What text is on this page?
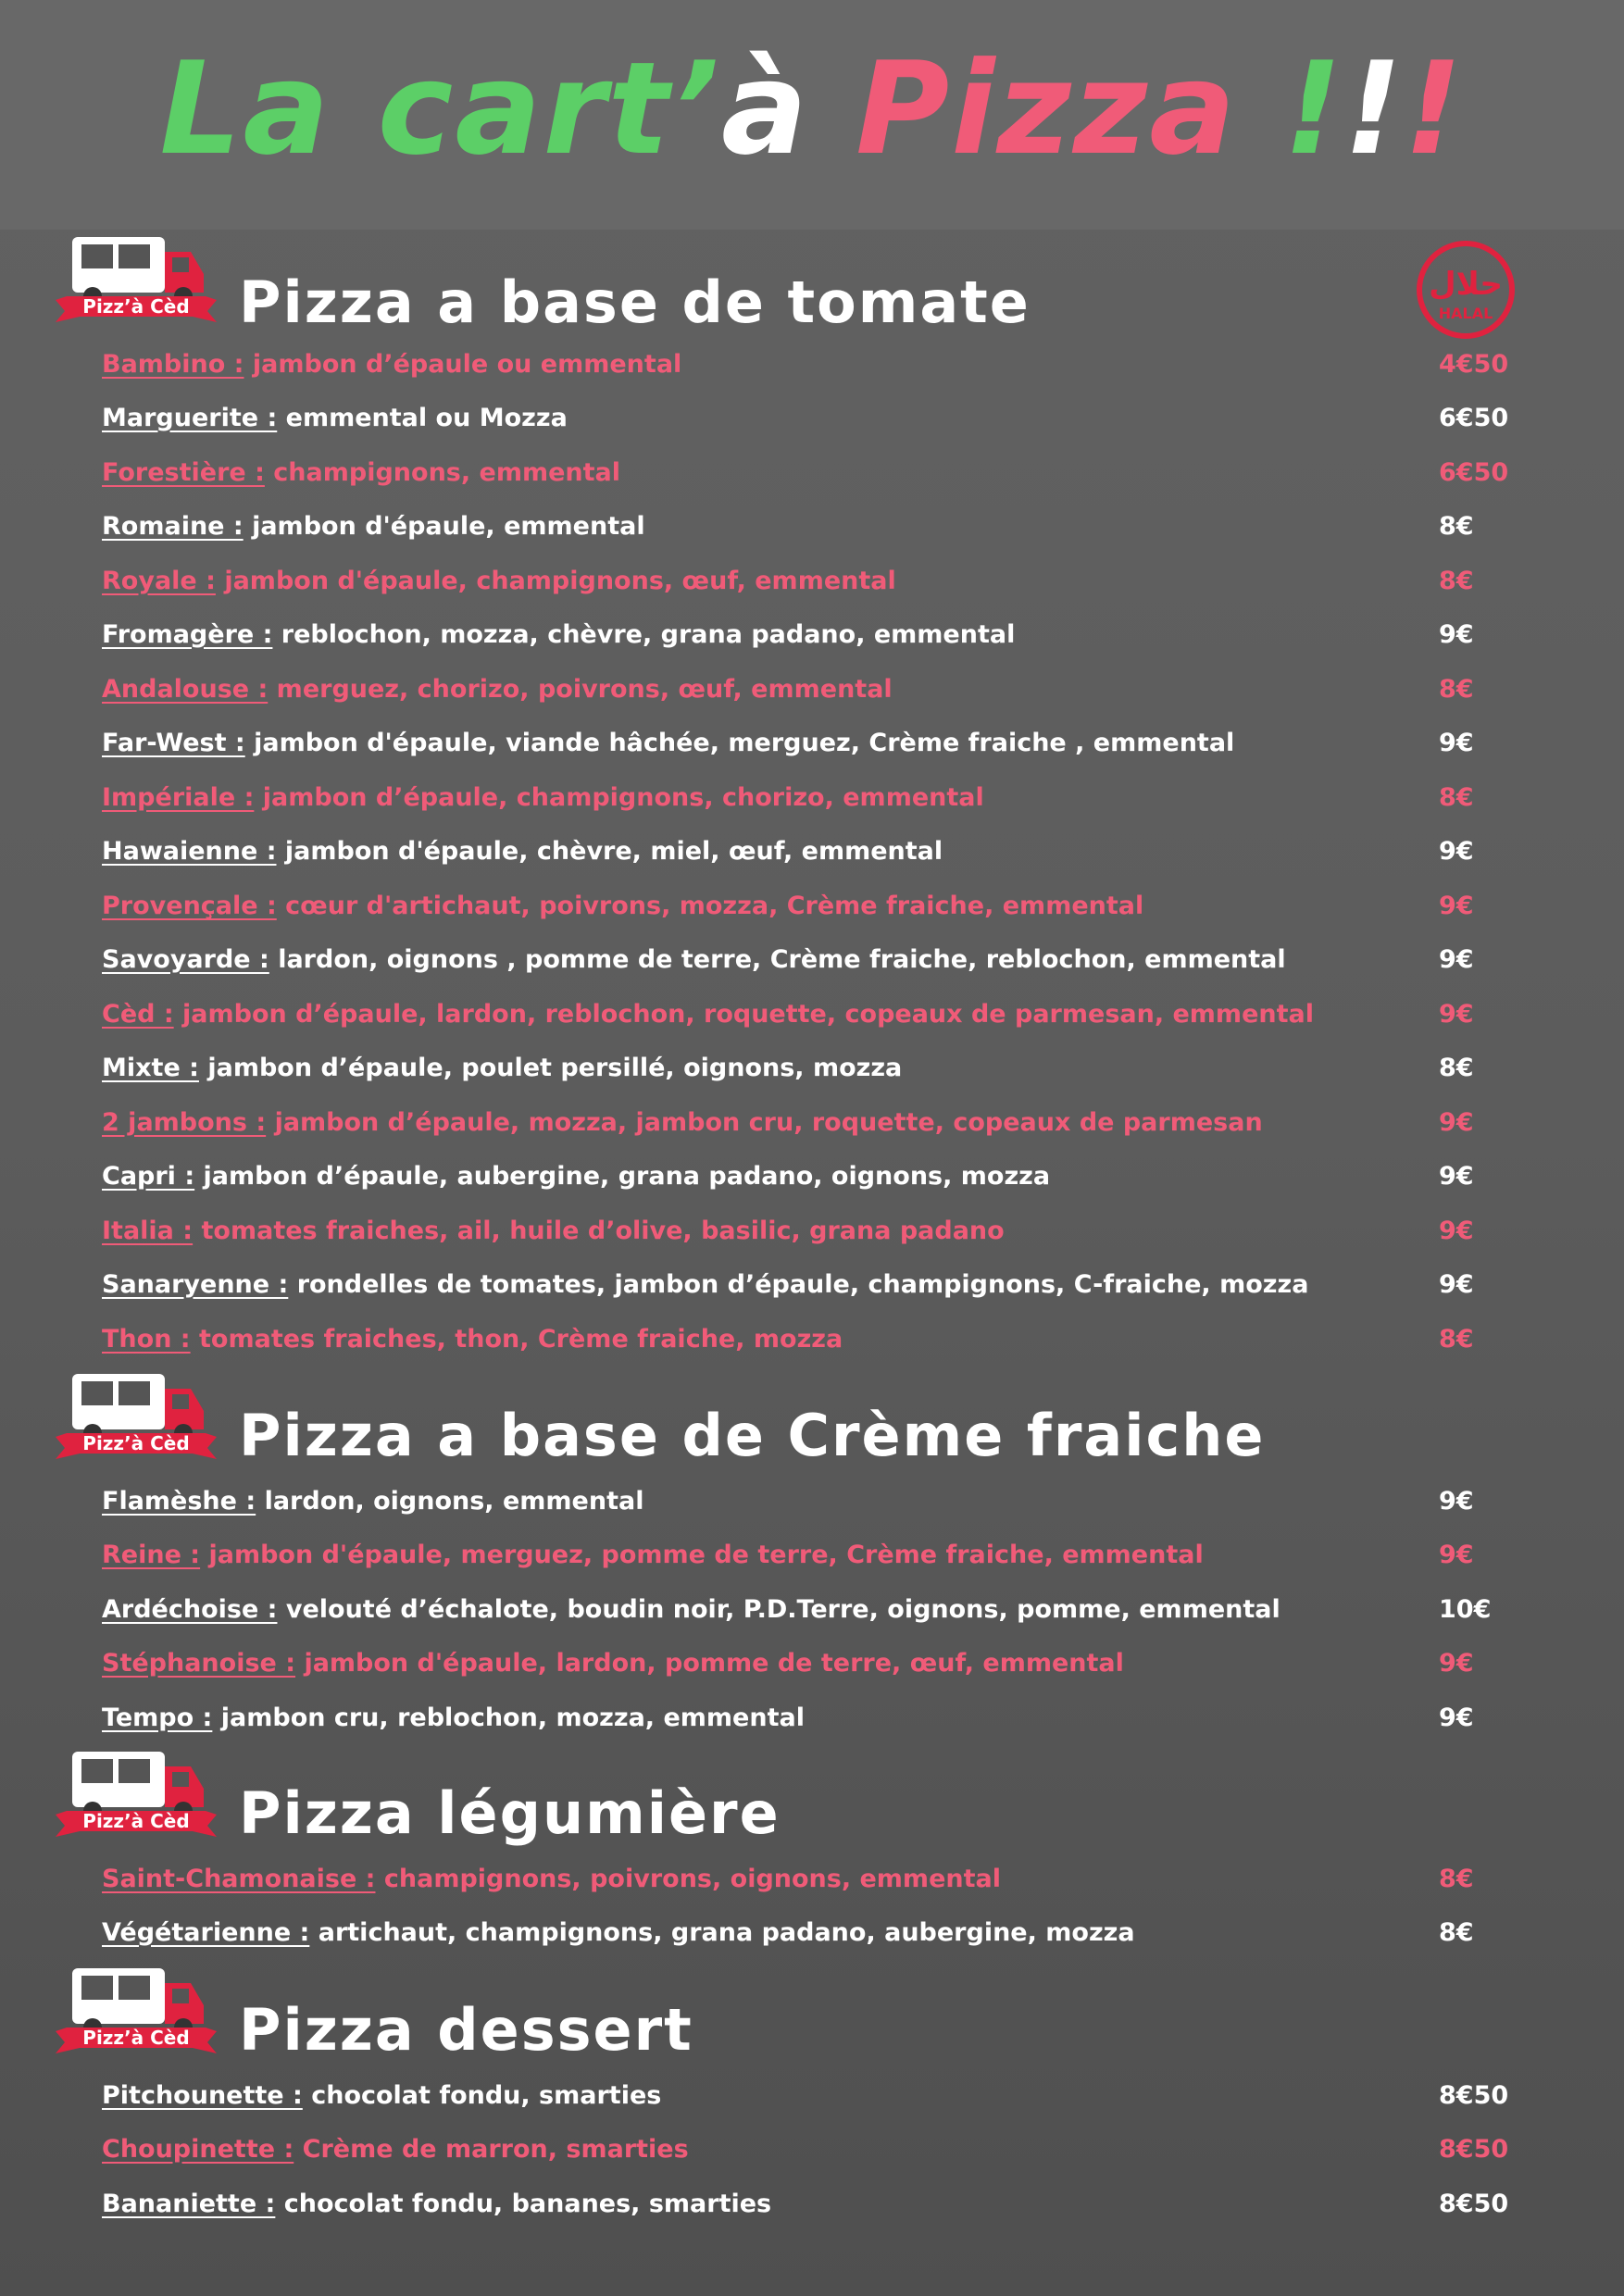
La cart’à Pizza !!!
Pizz’à Cèd Pizza a base de tomate	حلال
HALAL
Bambino : jambon d’épaule ou emmental	4€50
Marguerite : emmental ou Mozza	6€50
Forestière : champignons, emmental	6€50
Romaine : jambon d'épaule, emmental	8€
Royale : jambon d'épaule, champignons, œuf, emmental	8€
Fromagère : reblochon, mozza, chèvre, grana padano, emmental	9€
Andalouse : merguez, chorizo, poivrons, œuf, emmental	8€
Far-West : jambon d'épaule, viande hâchée, merguez, Crème fraiche , emmental	9€
Impériale : jambon d’épaule, champignons, chorizo, emmental	8€
Hawaienne : jambon d'épaule, chèvre, miel, œuf, emmental	9€
Provençale : cœur d'artichaut, poivrons, mozza, Crème fraiche, emmental	9€
Savoyarde : lardon, oignons , pomme de terre, Crème fraiche, reblochon, emmental	9€
Cèd : jambon d’épaule, lardon, reblochon, roquette, copeaux de parmesan, emmental	9€
Mixte : jambon d’épaule, poulet persillé, oignons, mozza	8€
2 jambons : jambon d’épaule, mozza, jambon cru, roquette, copeaux de parmesan	9€
Capri : jambon d’épaule, aubergine, grana padano, oignons, mozza	9€
Italia : tomates fraiches, ail, huile d’olive, basilic, grana padano	9€
Sanaryenne : rondelles de tomates, jambon d’épaule, champignons, C-fraiche, mozza	9€
Thon : tomates fraiches, thon, Crème fraiche, mozza	8€
Pizz’à Cèd Pizza a base de Crème fraiche
Flamèshe : lardon, oignons, emmental	9€
Reine : jambon d'épaule, merguez, pomme de terre, Crème fraiche, emmental	9€
Ardéchoise : velouté d’échalote, boudin noir, P.D.Terre, oignons, pomme, emmental	10€
Stéphanoise : jambon d'épaule, lardon, pomme de terre, œuf, emmental	9€
Tempo : jambon cru, reblochon, mozza, emmental	9€
Pizz’à Cèd Pizza légumière
Saint-Chamonaise : champignons, poivrons, oignons, emmental	8€
Végétarienne : artichaut, champignons, grana padano, aubergine, mozza	8€
Pizz’à Cèd Pizza dessert
Pitchounette : chocolat fondu, smarties	8€50
Choupinette : Crème de marron, smarties	8€50
Bananiette : chocolat fondu, bananes, smarties	8€50
